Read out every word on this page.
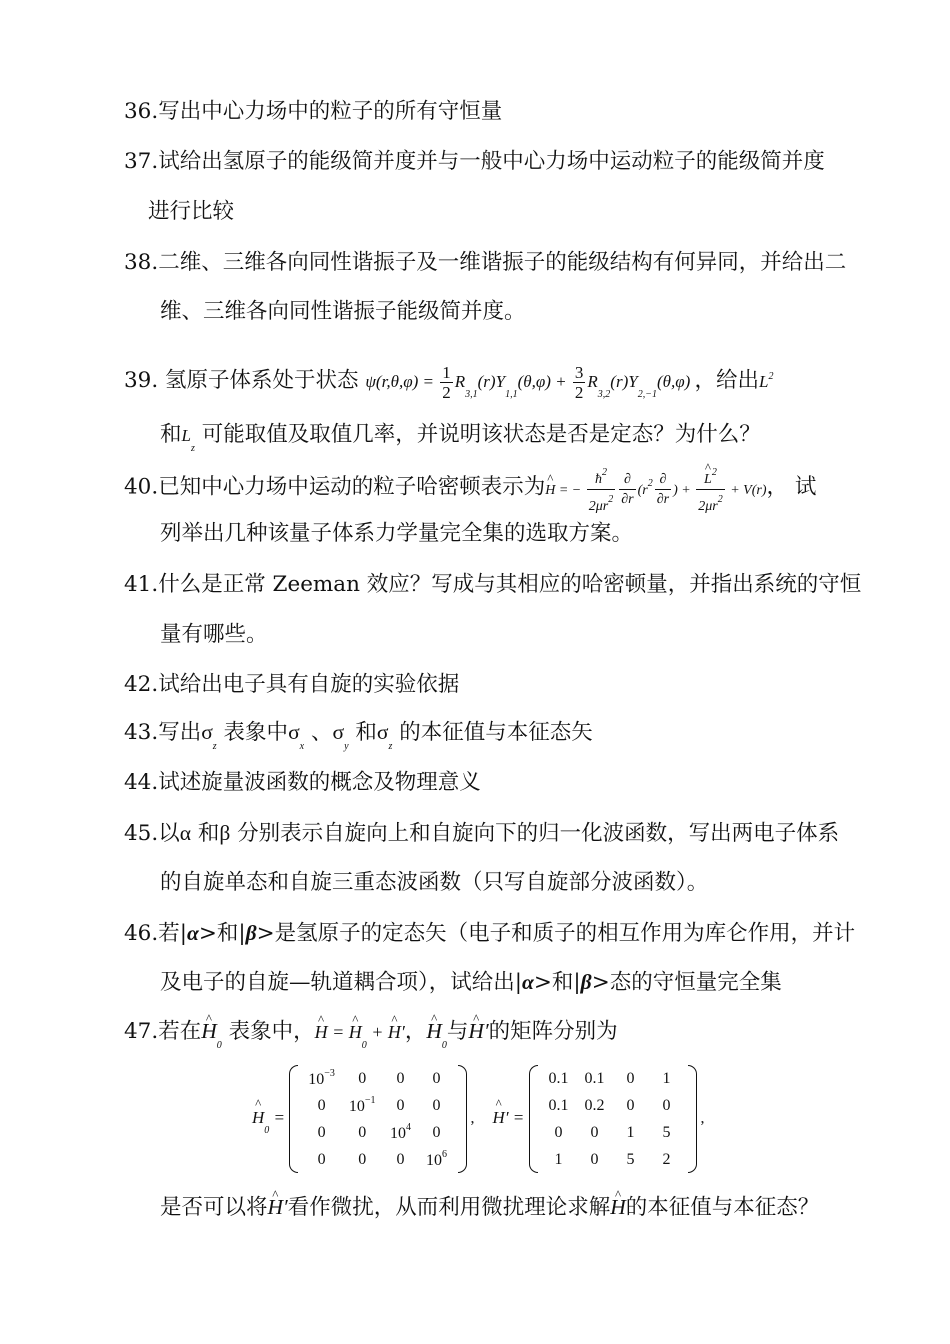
36.写出中心力场中的粒子的所有守恒量
37.试给出氢原子的能级简并度并与一般中心力场中运动粒子的能级简并度
进行比较
38.二维、三维各向同性谐振子及一维谐振子的能级结构有何异同，并给出二
维、三维各向同性谐振子能级简并度。
39. 氢原子体系处于状态 $\psi(r,\theta,\varphi) = \frac{1}{2} R_{3,1}(r)Y_{1,1}(\theta,\varphi) + \frac{3}{2} R_{3,2}(r)Y_{2,-1}(\theta,\varphi)$ ，给出$L^2$
和$L_z$ 可能取值及取值几率，并说明该状态是否是定态？为什么？
40.已知中心力场中运动的粒子哈密顿表示为^ H = − $\frac{ħ^2}{2\mu r^2} \frac{\partial}{\partial r} (r^2 \frac{\partial}{\partial r}$ ) + ^ $\frac{L^2}{2\mu r^2} + V(r)$， 试
列举出几种该量子体系力学量完全集的选取方案。
41.什么是正常 Zeeman 效应？写成与其相应的哈密顿量，并指出系统的守恒
量有哪些。
42.试给出电子具有自旋的实验依据
43.写出$\sigma_z$ 表象中$\sigma_x$ 、$\sigma_y$ 和$\sigma_z$ 的本征值与本征态矢
44.试述旋量波函数的概念及物理意义
45.以α 和β 分别表示自旋向上和自旋向下的归一化波函数，写出两电子体系
的自旋单态和自旋三重态波函数（只写自旋部分波函数）。
46.若|α>和|β>是氢原子的定态矢（电子和质子的相互作用为库仑作用，并计
及电子的自旋—轨道耦合项），试给出|α>和|β>态的守恒量完全集
47.若在^ $H_0$ 表象中，^ H = ^ $H_0$ + ^ H′，^ $H_0$与^ H′的矩阵分别为
^ $H_0$ =
$10^{-3}$	0	0	0
0	$10^{-1}$	0	0
0	0	$10^4$	0
0	0	0	$10^6$
, ^ H′ =
0.1	0.1	0	1
0.1	0.2	0	0
0	0	1	5
1	0	5	2
,
是否可以将^ H′看作微扰，从而利用微扰理论求解^ H的本征值与本征态？
